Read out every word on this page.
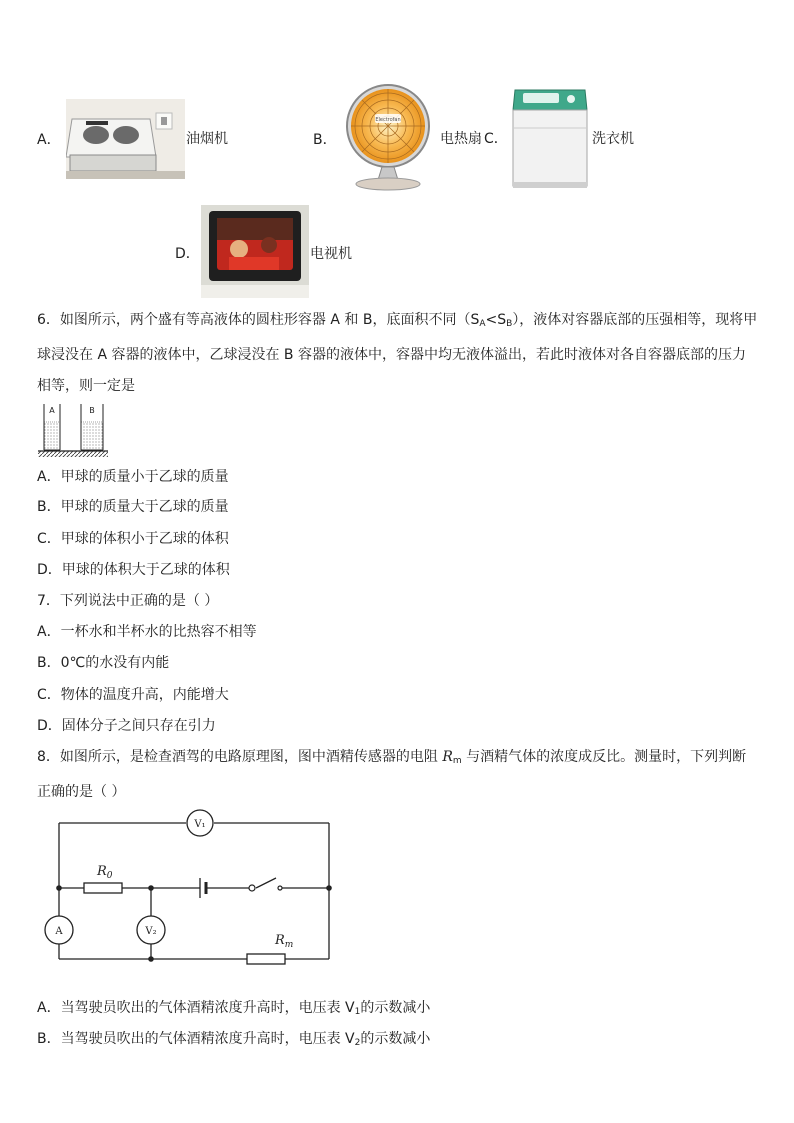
A．	油烟机	B．
Electrofan
电热扇 C．	洗衣机
D．	电视机
6．如图所示，两个盛有等高液体的圆柱形容器 A 和 B，底面积不同$(S_A<S_B)$，液体对容器底部的压强相等，现将甲球浸没在 A 容器的液体中，乙球浸没在 B 容器的液体中，容器中均无液体溢出，若此时液体对各自容器底部的压力相等，则一定是
A	B
A．甲球的质量小于乙球的质量
B．甲球的质量大于乙球的质量
C．甲球的体积小于乙球的体积
D．甲球的体积大于乙球的体积
7．下列说法中正确的是（ ）
A．一杯水和半杯水的比热容不相等
B．0℃的水没有内能
C．物体的温度升高，内能增大
D．固体分子之间只存在引力
8．如图所示，是检查酒驾的电路原理图，图中酒精传感器的电阻 $R_m$ 与酒精气体的浓度成反比。测量时，下列判断正确的是（ ）
V₁
A	V₂
$R_0$
$R_m$
A．当驾驶员吹出的气体酒精浓度升高时，电压表 $V_1$的示数减小
B．当驾驶员吹出的气体酒精浓度升高时，电压表 $V_2$的示数减小
